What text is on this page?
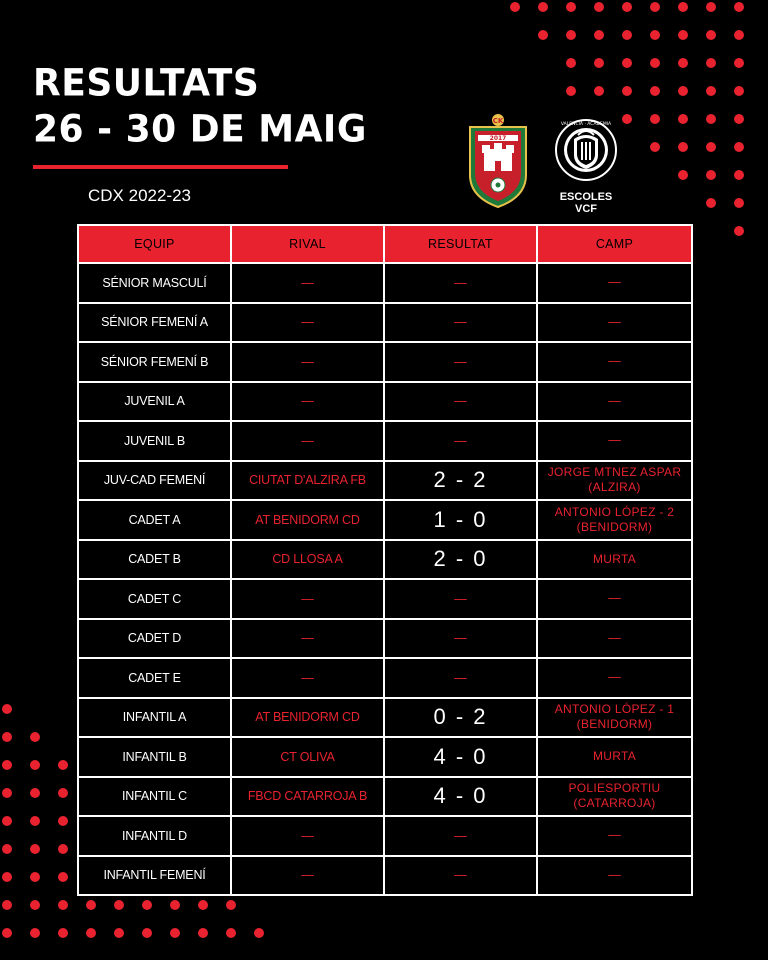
RESULTATS
26 - 30 DE MAIG
CDX 2022-23
2017
CK	VALENCIA · ACADEMIA
ESCOLES VCF
EQUIP	RIVAL	RESULTAT	CAMP
SÉNIOR MASCULÍ	—	—	—

SÉNIOR FEMENÍ A	—	—	—

SÉNIOR FEMENÍ B	—	—	—

JUVENIL A	—	—	—

JUVENIL B	—	—	—

JUV-CAD FEMENÍ	CIUTAT D'ALZIRA FB	2 - 2	JORGE MTNEZ ASPAR
(ALZIRA)

CADET A	AT BENIDORM CD	1 - 0	ANTONIO LÓPEZ - 2
(BENIDORM)

CADET B	CD LLOSA A	2 - 0	MURTA

CADET C	—	—	—

CADET D	—	—	—

CADET E	—	—	—

INFANTIL A	AT BENIDORM CD	0 - 2	ANTONIO LÓPEZ - 1
(BENIDORM)

INFANTIL B	CT OLIVA	4 - 0	MURTA

INFANTIL C	FBCD CATARROJA B	4 - 0	POLIESPORTIU
(CATARROJA)

INFANTIL D	—	—	—

INFANTIL FEMENÍ	—	—	—
